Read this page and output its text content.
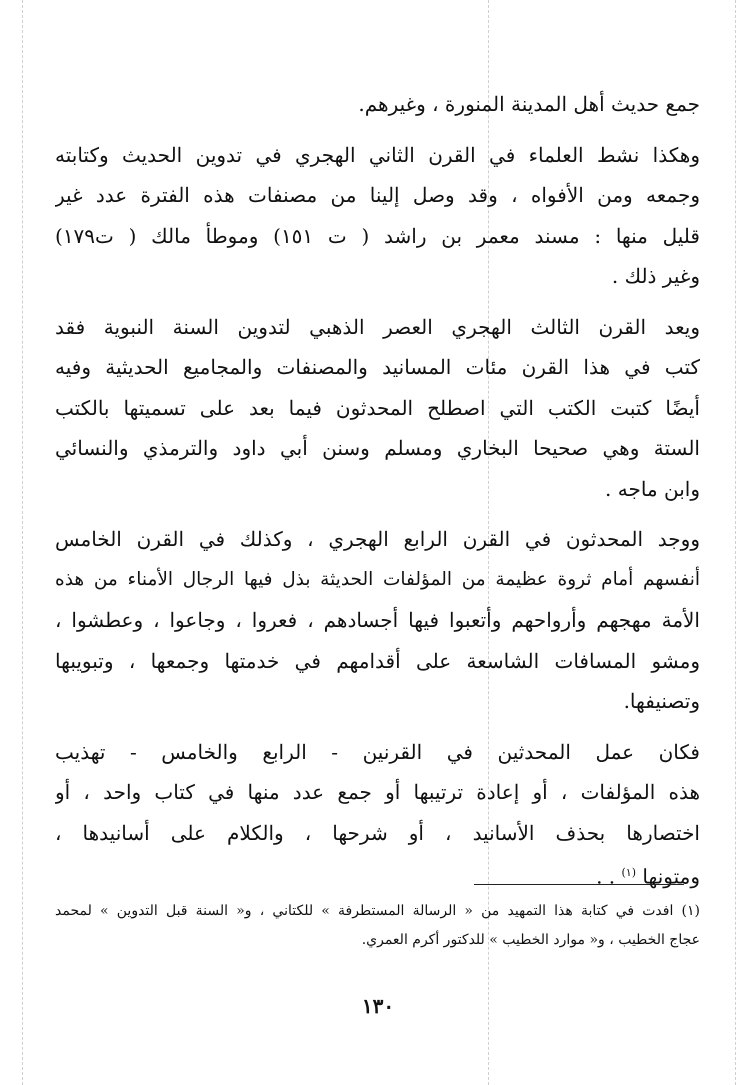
جمع حديث أهل المدينة المنورة ، وغيرهم.
وهكذا نشط العلماء في القرن الثاني الهجري في تدوين الحديث وكتابته
وجمعه ومن الأفواه ، وقد وصل إلينا من مصنفات هذه الفترة عدد غير
قليل منها : مسند معمر بن راشد ( ت ١٥١) وموطأ مالك ( ت١٧٩)
وغير ذلك .
ويعد القرن الثالث الهجري العصر الذهبي لتدوين السنة النبوية فقد
كتب في هذا القرن مئات المسانيد والمصنفات والمجاميع الحديثية وفيه
أيضًا كتبت الكتب التي اصطلح المحدثون فيما بعد على تسميتها بالكتب
الستة وهي صحيحا البخاري ومسلم وسنن أبي داود والترمذي والنسائي
وابن ماجه .
ووجد المحدثون في القرن الرابع الهجري ، وكذلك في القرن الخامس
أنفسهم أمام ثروة عظيمة من المؤلفات الحديثة بذل فيها الرجال الأمناء من هذه
الأمة مهجهم وأرواحهم وأتعبوا فيها أجسادهم ، فعروا ، وجاعوا ، وعطشوا ،
ومشو المسافات الشاسعة على أقدامهم في خدمتها وجمعها ، وتبويبها
وتصنيفها.
فكان عمل المحدثين في القرنين - الرابع والخامس - تهذيب
هذه المؤلفات ، أو إعادة ترتيبها أو جمع عدد منها في كتاب واحد ، أو
اختصارها بحذف الأسانيد ، أو شرحها ، والكلام على أسانيدها ،
ومتونها $^{(١)}$ . .
(١) افدت في كتابة هذا التمهيد من « الرسالة المستطرفة » للكتاني ، و« السنة قبل التدوين » لمحمد
عجاج الخطيب ، و« موارد الخطيب » للدكتور أكرم العمري.
١٣٠
